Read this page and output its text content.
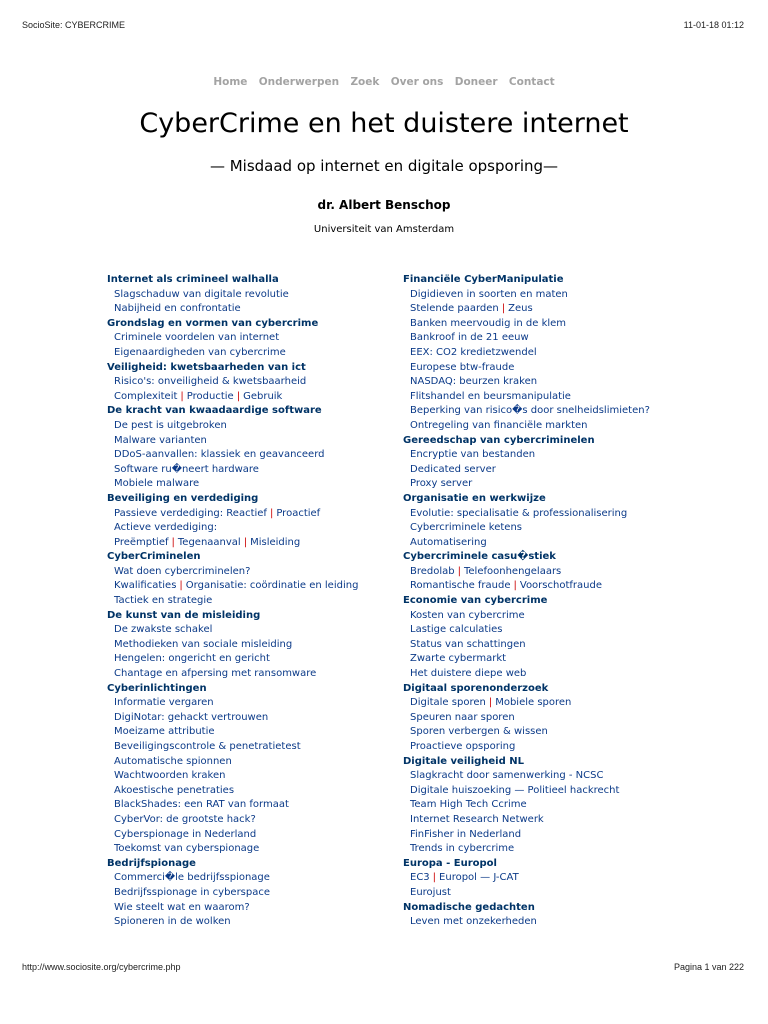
SocioSite: CYBERCRIME	11-01-18 01:12
Home Onderwerpen Zoek Over ons Doneer Contact
CyberCrime en het duistere internet
— Misdaad op internet en digitale opsporing—
dr. Albert Benschop
Universiteit van Amsterdam
Internet als crimineel walhalla
Slagschaduw van digitale revolutie
Nabijheid en confrontatie
Grondslag en vormen van cybercrime
Criminele voordelen van internet
Eigenaardigheden van cybercrime
Veiligheid: kwetsbaarheden van ict
Risico's: onveiligheid & kwetsbaarheid
Complexiteit | Productie | Gebruik
De kracht van kwaadaardige software
De pest is uitgebroken
Malware varianten
DDoS-aanvallen: klassiek en geavanceerd
Software ru�neert hardware
Mobiele malware
Beveiliging en verdediging
Passieve verdediging: Reactief | Proactief
Actieve verdediging:
Preëmptief | Tegenaanval | Misleiding
CyberCriminelen
Wat doen cybercriminelen?
Kwalificaties | Organisatie: coördinatie en leiding
Tactiek en strategie
De kunst van de misleiding
De zwakste schakel
Methodieken van sociale misleiding
Hengelen: ongericht en gericht
Chantage en afpersing met ransomware
Cyberinlichtingen
Informatie vergaren
DigiNotar: gehackt vertrouwen
Moeizame attributie
Beveiligingscontrole & penetratietest
Automatische spionnen
Wachtwoorden kraken
Akoestische penetraties
BlackShades: een RAT van formaat
CyberVor: de grootste hack?
Cyberspionage in Nederland
Toekomst van cyberspionage
Bedrijfspionage
Commerci�le bedrijfsspionage
Bedrijfsspionage in cyberspace
Wie steelt wat en waarom?
Spioneren in de wolken
Financiële CyberManipulatie
Digidieven in soorten en maten
Stelende paarden | Zeus
Banken meervoudig in de klem
Bankroof in de 21 eeuw
EEX: CO2 kredietzwendel
Europese btw-fraude
NASDAQ: beurzen kraken
Flitshandel en beursmanipulatie
Beperking van risico�s door snelheidslimieten?
Ontregeling van financiële markten
Gereedschap van cybercriminelen
Encryptie van bestanden
Dedicated server
Proxy server
Organisatie en werkwijze
Evolutie: specialisatie & professionalisering
Cybercriminele ketens
Automatisering
Cybercriminele casu�stiek
Bredolab | Telefoonhengelaars
Romantische fraude | Voorschotfraude
Economie van cybercrime
Kosten van cybercrime
Lastige calculaties
Status van schattingen
Zwarte cybermarkt
Het duistere diepe web
Digitaal sporenonderzoek
Digitale sporen | Mobiele sporen
Speuren naar sporen
Sporen verbergen & wissen
Proactieve opsporing
Digitale veiligheid NL
Slagkracht door samenwerking - NCSC
Digitale huiszoeking — Politieel hackrecht
Team High Tech Ccrime
Internet Research Netwerk
FinFisher in Nederland
Trends in cybercrime
Europa - Europol
EC3 | Europol — J-CAT
Eurojust
Nomadische gedachten
Leven met onzekerheden
http://www.sociosite.org/cybercrime.php	Pagina 1 van 222
